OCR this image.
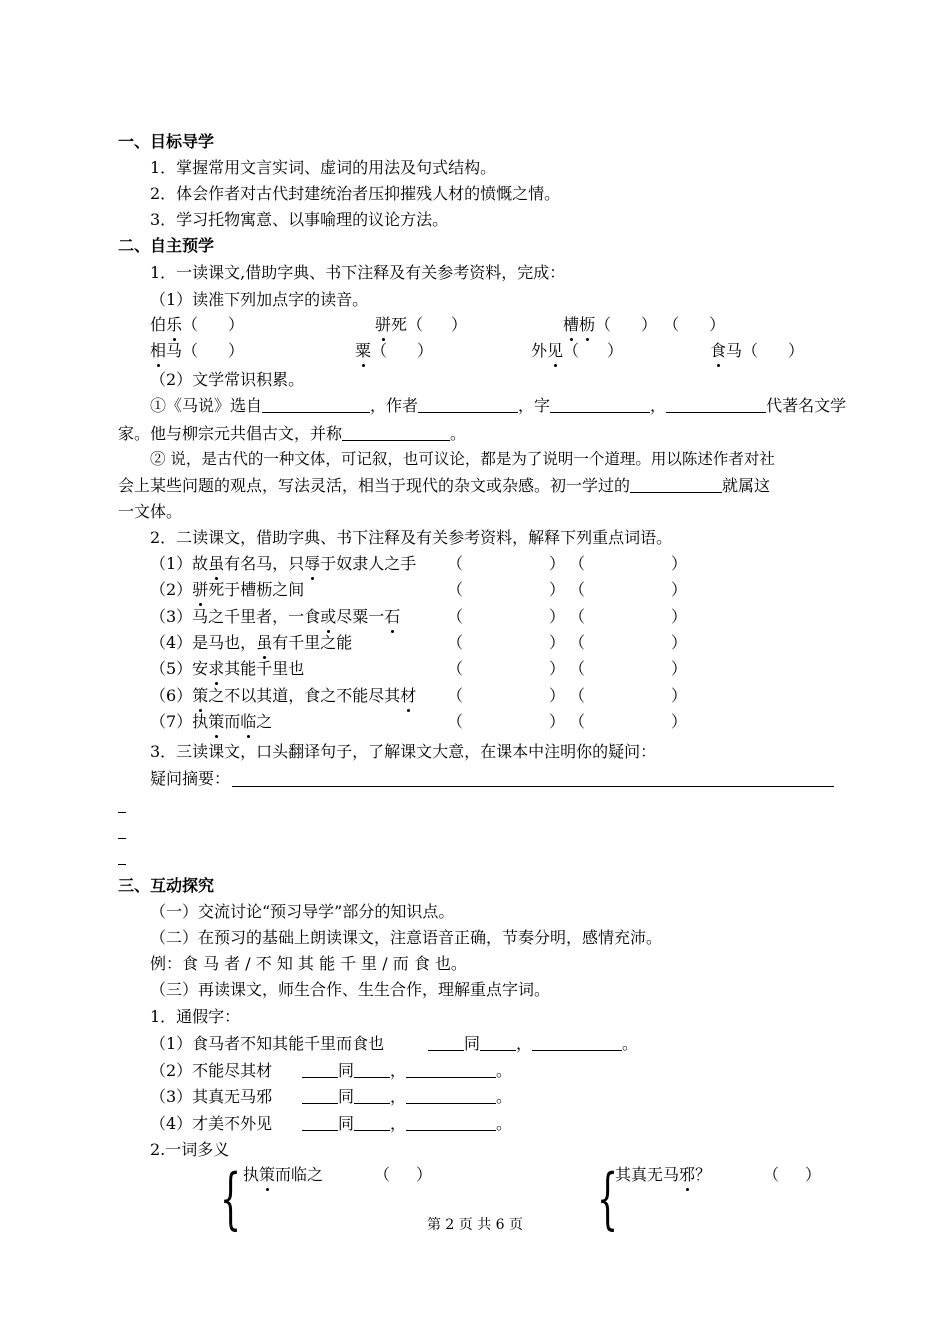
一、目标导学
1．掌握常用文言实词、虚词的用法及句式结构。
2．体会作者对古代封建统治者压抑摧残人材的愤慨之情。
3．学习托物寓意、以事喻理的议论方法。
二、自主预学
1．一读课文,借助字典、书下注释及有关参考资料，完成：
（1）读准下列加点字的读音。
伯乐（ ）	骈死（ ）	槽枥（ ） （ ）
相马（ ）	粟（ ）	外见（ ）	食马（ ）
（2）文学常识积累。
①《马说》选自	，作者	，字	，	代著名文学
家。他与柳宗元共倡古文，并称	。
② 说，是古代的一种文体，可记叙，也可议论，都是为了说明一个道理。用以陈述作者对社
会上某些问题的观点，写法灵活，相当于现代的杂文或杂感。初一学过的	就属这
一文体。
2．二读课文，借助字典、书下注释及有关参考资料，解释下列重点词语。
（1）故虽有名马，只辱于奴隶人之手 （	） （	）
（2）骈死于槽枥之间	（	） （	）
（3）马之千里者，一食或尽粟一石	（	） （	）
（4）是马也，虽有千里之能	（	） （	）
（5）安求其能千里也	（	） （	）
（6）策之不以其道，食之不能尽其材 （	） （	）
（7）执策而临之	（	） （	）
3．三读课文，口头翻译句子，了解课文大意，在课本中注明你的疑问：
疑问摘要：
三、互动探究
（一）交流讨论“预习导学”部分的知识点。
（二）在预习的基础上朗读课文，注意语音正确，节奏分明，感情充沛。
例：食 马 者 / 不 知 其 能 千 里 / 而 食 也。
（三）再读课文，师生合作、生生合作，理解重点字词。
1．通假字：
（1）食马者不知其能千里而食也	同 ，	。
（2）不能尽其材	同 ，	。
（3）其真无马邪	同 ，	。
（4）才美不外见	同 ，	。
2.一词多义
执策而临之	（ ）
{	其真无马邪？	（ ）
{
第 2 页 共 6 页
